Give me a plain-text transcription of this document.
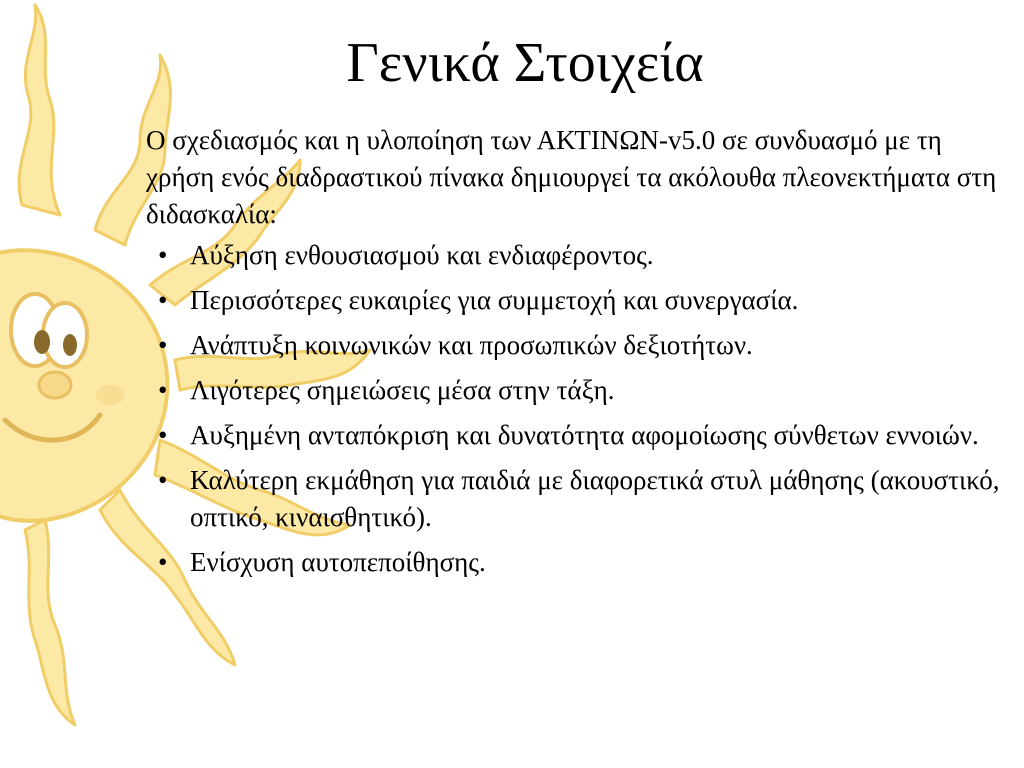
Γενικά Στοιχεία

Ο σχεδιασμός και η υλοποίηση των ΑΚΤΙΝΩΝ-v5.0 σε συνδυασμό με τη χρήση ενός διαδραστικού πίνακα δημιουργεί τα ακόλουθα πλεονεκτήματα στη διδασκαλία:

• Αύξηση ενθουσιασμού και ενδιαφέροντος.
• Περισσότερες ευκαιρίες για συμμετοχή και συνεργασία.
• Ανάπτυξη κοινωνικών και προσωπικών δεξιοτήτων.
• Λιγότερες σημειώσεις μέσα στην τάξη.
• Αυξημένη ανταπόκριση και δυνατότητα αφομοίωσης σύνθετων εννοιών.
• Καλύτερη εκμάθηση για παιδιά με διαφορετικά στυλ μάθησης (ακουστικό, οπτικό, κιναισθητικό).
• Ενίσχυση αυτοπεποίθησης.
